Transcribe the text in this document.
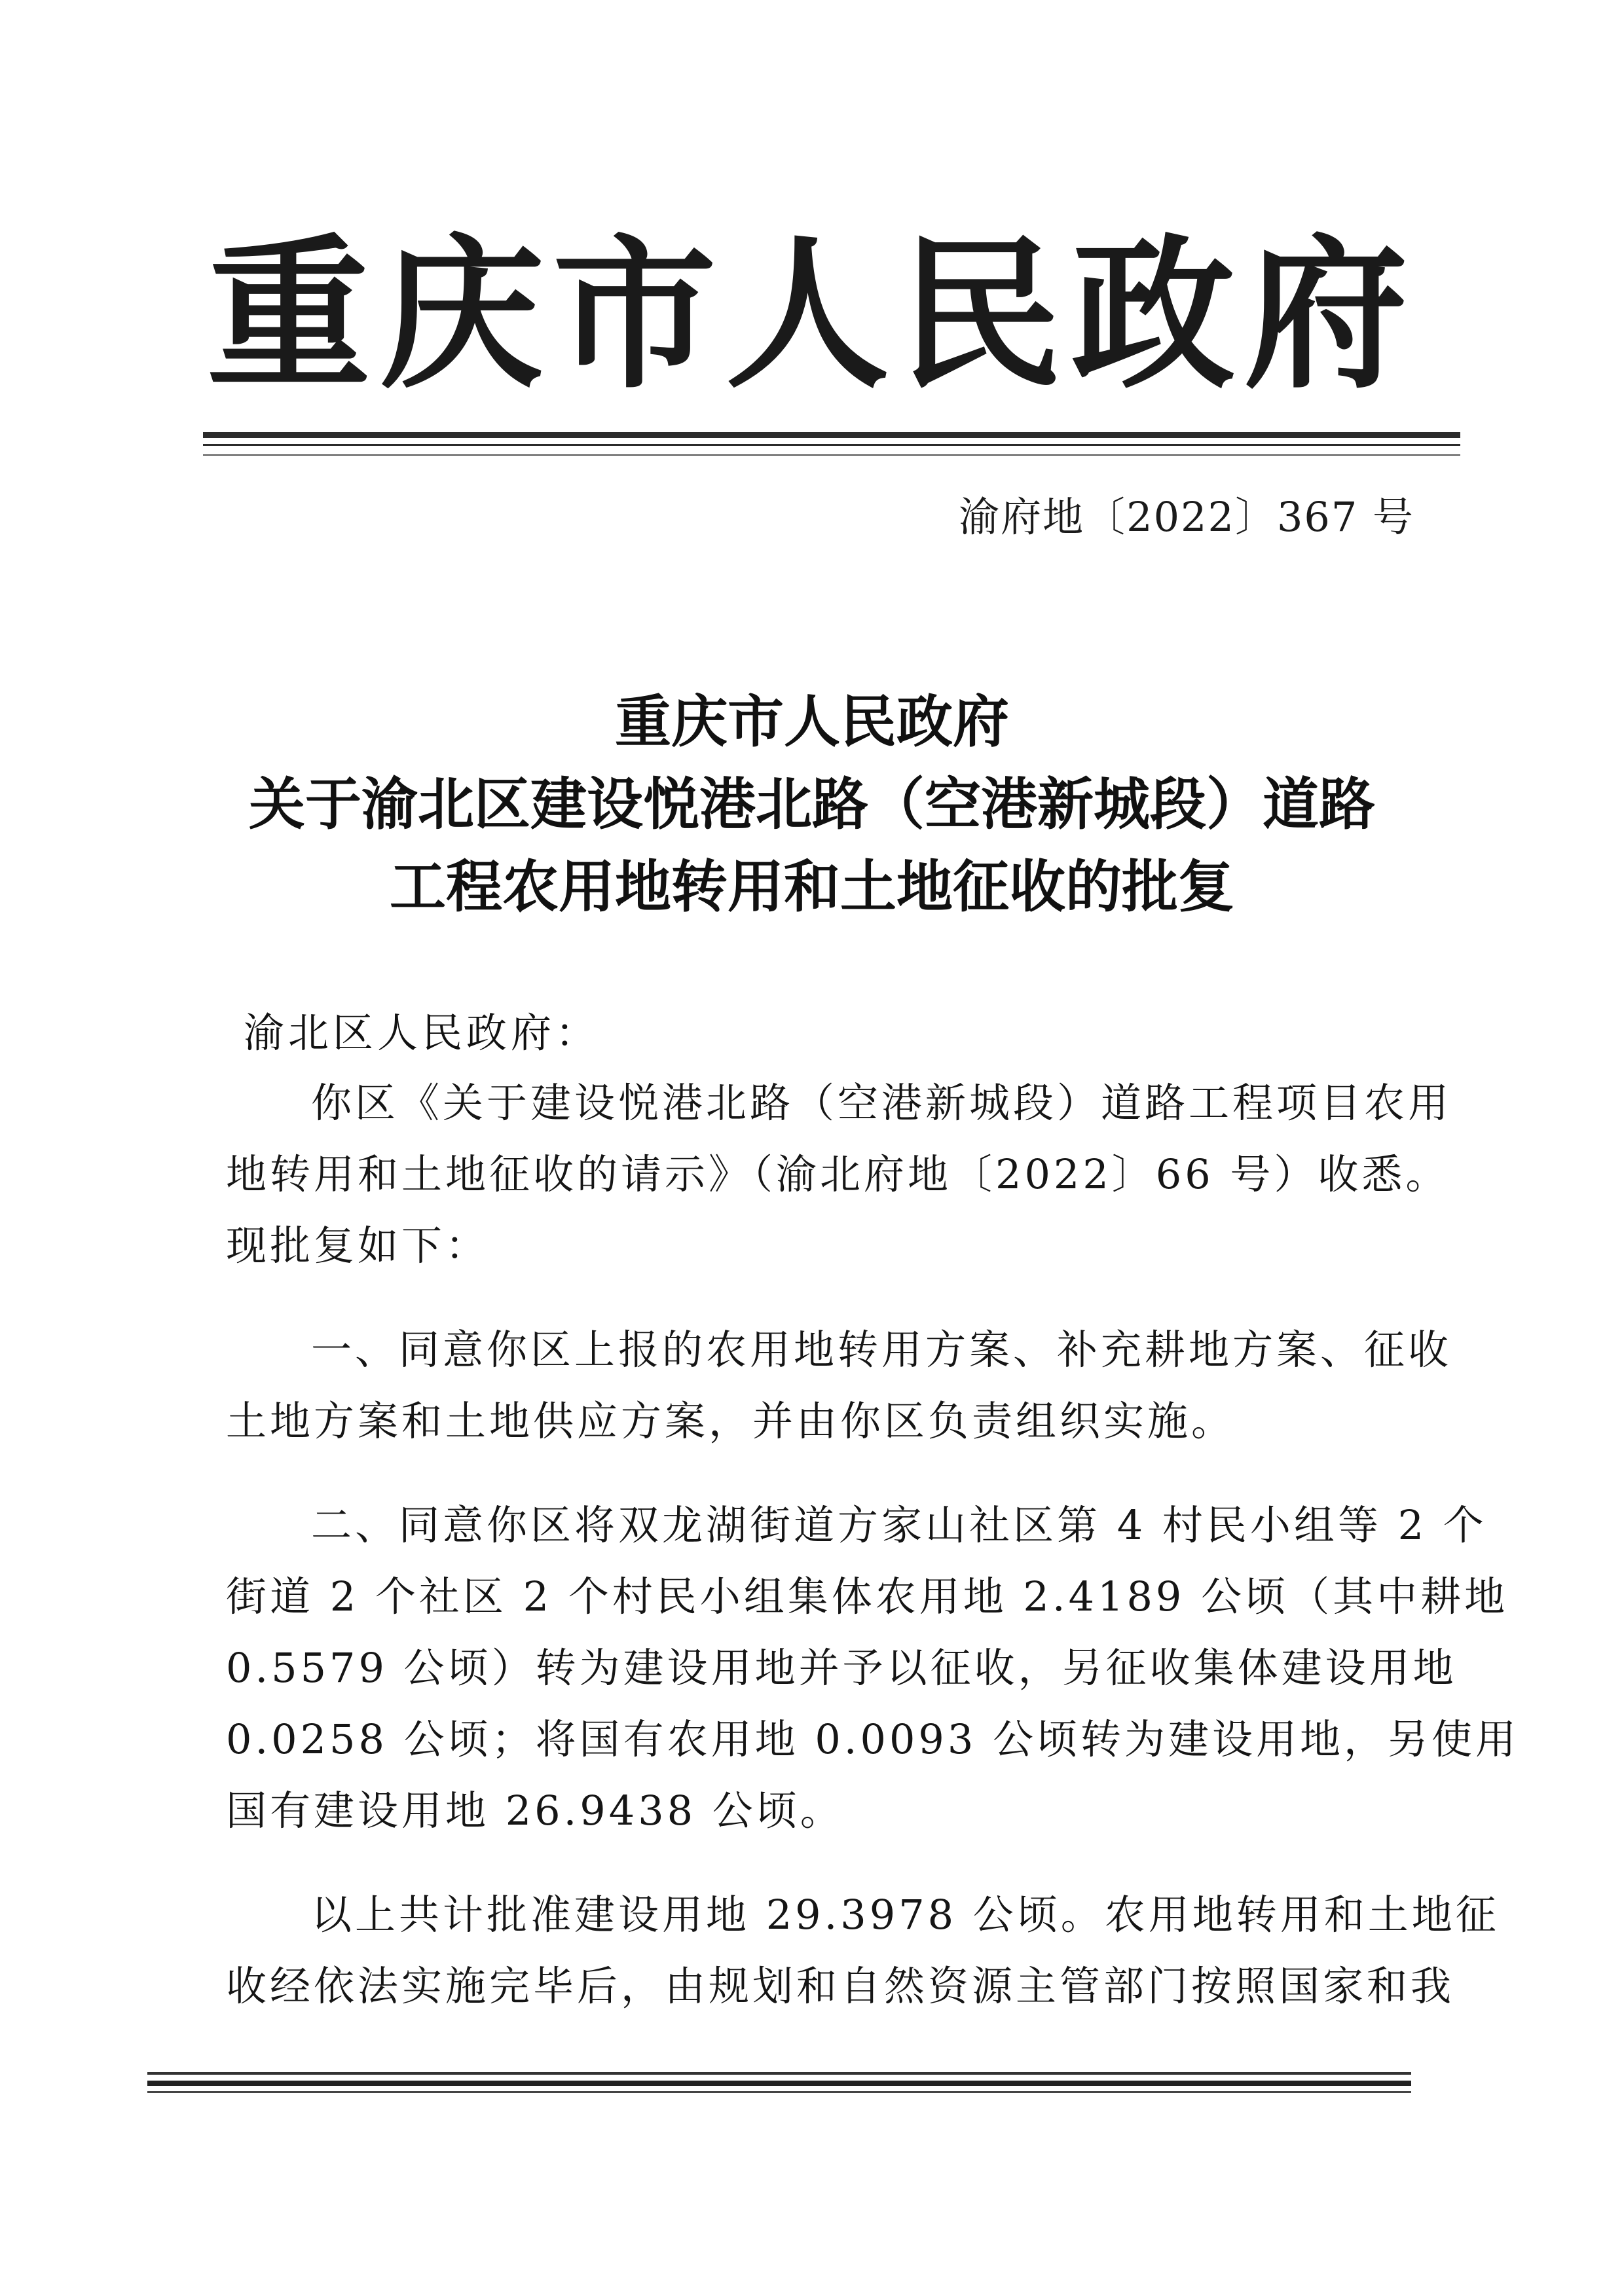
重庆市人民政府
渝府地〔2022〕367 号
重庆市人民政府
关于渝北区建设悦港北路（空港新城段）道路
工程农用地转用和土地征收的批复
渝北区人民政府：
你区《关于建设悦港北路（空港新城段）道路工程项目农用
地转用和土地征收的请示》（渝北府地〔2022〕66 号）收悉。
现批复如下：
一、同意你区上报的农用地转用方案、补充耕地方案、征收
土地方案和土地供应方案，并由你区负责组织实施。
二、同意你区将双龙湖街道方家山社区第 4 村民小组等 2 个
街道 2 个社区 2 个村民小组集体农用地 2.4189 公顷（其中耕地
0.5579 公顷）转为建设用地并予以征收，另征收集体建设用地
0.0258 公顷；将国有农用地 0.0093 公顷转为建设用地，另使用
国有建设用地 26.9438 公顷。
以上共计批准建设用地 29.3978 公顷。农用地转用和土地征
收经依法实施完毕后，由规划和自然资源主管部门按照国家和我
